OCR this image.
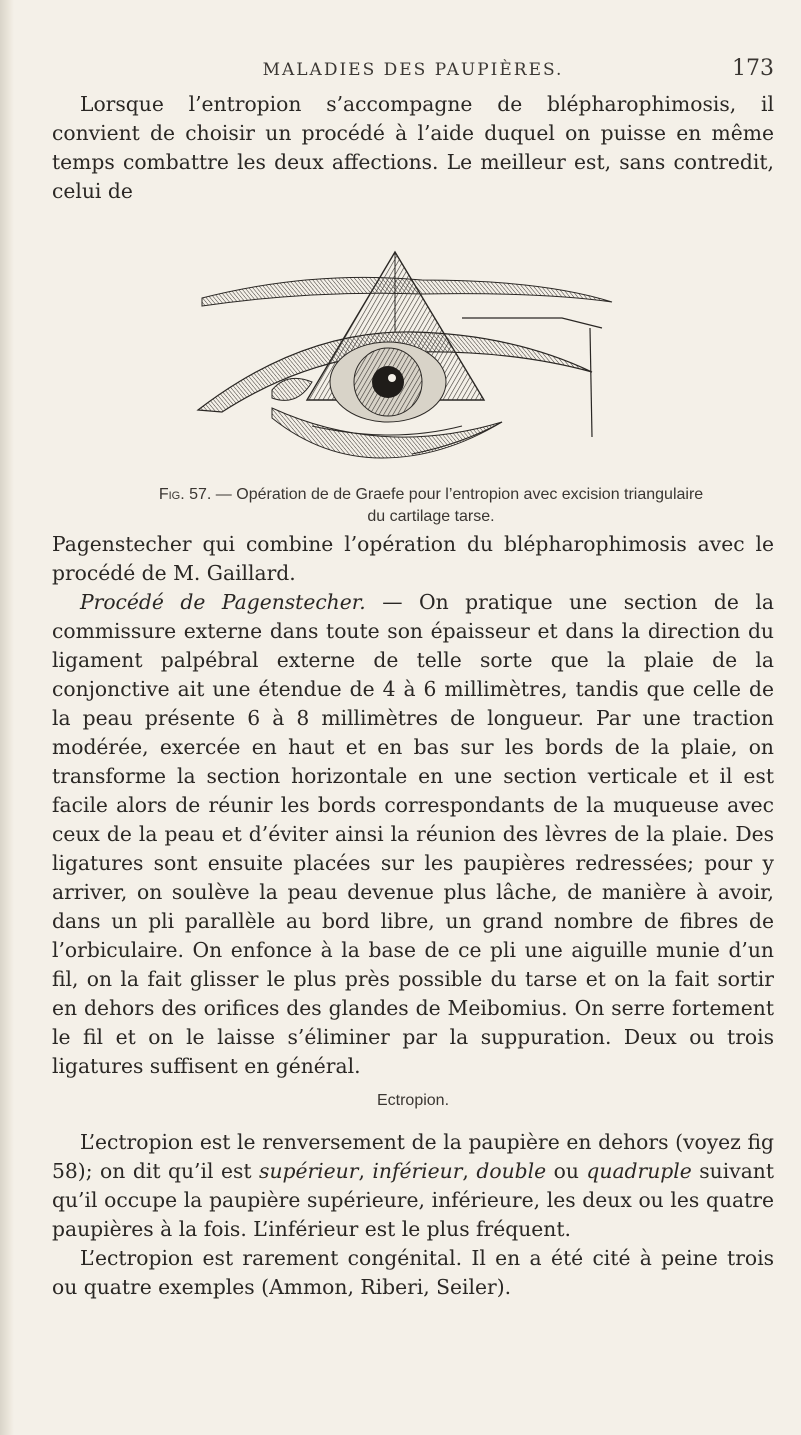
MALADIES DES PAUPIÈRES.	173

Lorsque l’entropion s’accompagne de blépharophimosis, il convient de choisir un procédé à l’aide duquel on puisse en même temps combattre les deux affections. Le meilleur est, sans contredit, celui de

Fig. 57. — Opération de de Graefe pour l’entropion avec excision triangulaire
du cartilage tarse.

Pagenstecher qui combine l’opération du blépharophimosis avec le procédé de M. Gaillard.

Procédé de Pagenstecher. — On pratique une section de la commissure externe dans toute son épaisseur et dans la direction du ligament palpébral externe de telle sorte que la plaie de la conjonctive ait une étendue de 4 à 6 millimètres, tandis que celle de la peau présente 6 à 8 millimètres de longueur. Par une traction modérée, exercée en haut et en bas sur les bords de la plaie, on transforme la section horizontale en une section verticale et il est facile alors de réunir les bords correspondants de la muqueuse avec ceux de la peau et d’éviter ainsi la réunion des lèvres de la plaie. Des ligatures sont ensuite placées sur les paupières redressées; pour y arriver, on soulève la peau devenue plus lâche, de manière à avoir, dans un pli parallèle au bord libre, un grand nombre de fibres de l’orbiculaire. On enfonce à la base de ce pli une aiguille munie d’un fil, on la fait glisser le plus près possible du tarse et on la fait sortir en dehors des orifices des glandes de Meibomius. On serre fortement le fil et on le laisse s’éliminer par la suppuration. Deux ou trois ligatures suffisent en général.

Ectropion.

L’ectropion est le renversement de la paupière en dehors (voyez fig 58); on dit qu’il est supérieur, inférieur, double ou quadruple suivant qu’il occupe la paupière supérieure, inférieure, les deux ou les quatre paupières à la fois. L’inférieur est le plus fréquent.

L’ectropion est rarement congénital. Il en a été cité à peine trois ou quatre exemples (Ammon, Riberi, Seiler).
